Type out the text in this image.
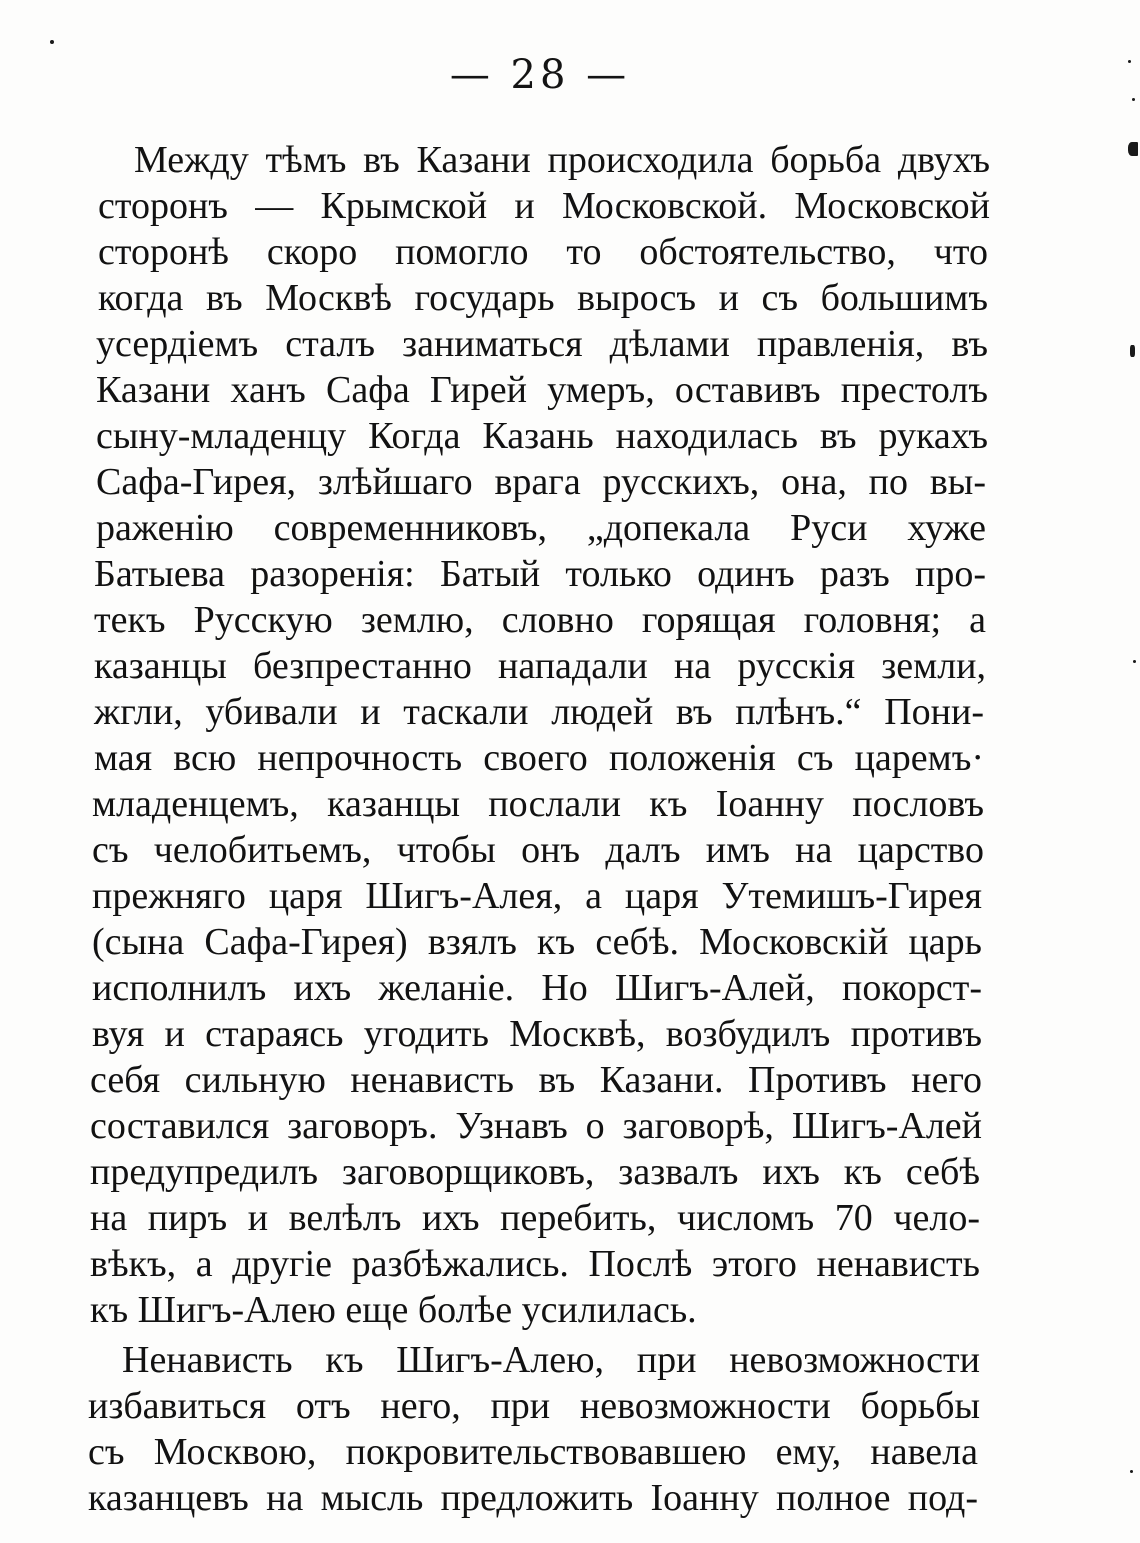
— 28 —
Между тѣмъ въ Казани происходила борьба двухъ
сторонъ — Крымской и Московской. Московской
сторонѣ скоро помогло то обстоятельство, что
когда въ Москвѣ государь выросъ и съ большимъ
усердіемъ сталъ заниматься дѣлами правленія, въ
Казани ханъ Сафа Гирей умеръ, оставивъ престолъ
сыну-младенцу Когда Казань находилась въ рукахъ
Сафа-Гирея, злѣйшаго врага русскихъ, она, по вы-
раженію современниковъ, „допекала Руси хуже
Батыева разоренія: Батый только одинъ разъ про-
текъ Русскую землю, словно горящая головня; а
казанцы безпрестанно нападали на русскія земли,
жгли, убивали и таскали людей въ плѣнъ.“ Пони-
мая всю непрочность своего положенія съ царемъ·
младенцемъ, казанцы послали къ Іоанну пословъ
съ челобитьемъ, чтобы онъ далъ имъ на царство
прежняго царя Шигъ-Алея, а царя Утемишъ-Гирея
(сына Сафа-Гирея) взялъ къ себѣ. Московскій царь
исполнилъ ихъ желаніе. Но Шигъ-Алей, покорст-
вуя и стараясь угодить Москвѣ, возбудилъ противъ
себя сильную ненависть въ Казани. Противъ него
составился заговоръ. Узнавъ о заговорѣ, Шигъ-Алей
предупредилъ заговорщиковъ, зазвалъ ихъ къ себѣ
на пиръ и велѣлъ ихъ перебить, числомъ 70 чело-
вѣкъ, а другіе разбѣжались. Послѣ этого ненависть
къ Шигъ-Алею еще болѣе усилилась.
Ненависть къ Шигъ-Алею, при невозможности
избавиться отъ него, при невозможности борьбы
съ Москвою, покровительствовавшею ему, навела
казанцевъ на мысль предложить Іоанну полное под-
